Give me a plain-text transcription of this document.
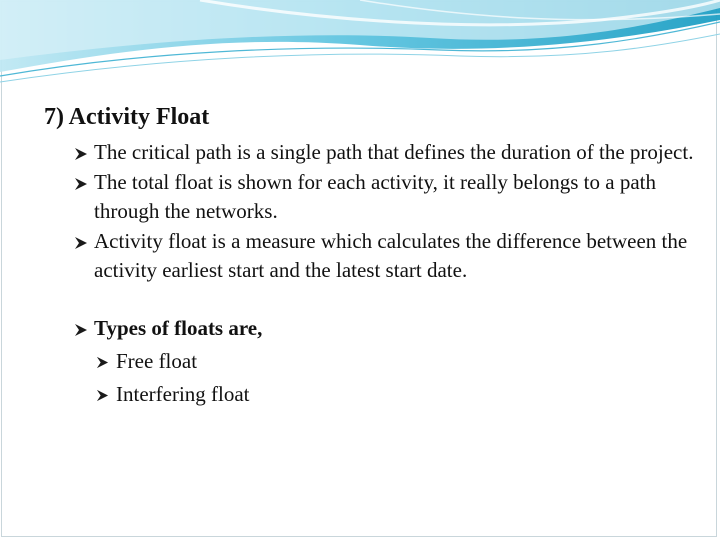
7) Activity Float
The critical path is a single path that defines the duration of the project.
The total float is shown for each activity, it really belongs to a path through the networks.
Activity float is a measure which calculates the difference between the activity earliest start and the latest start date.
Types of floats are,
Free float
Interfering float
